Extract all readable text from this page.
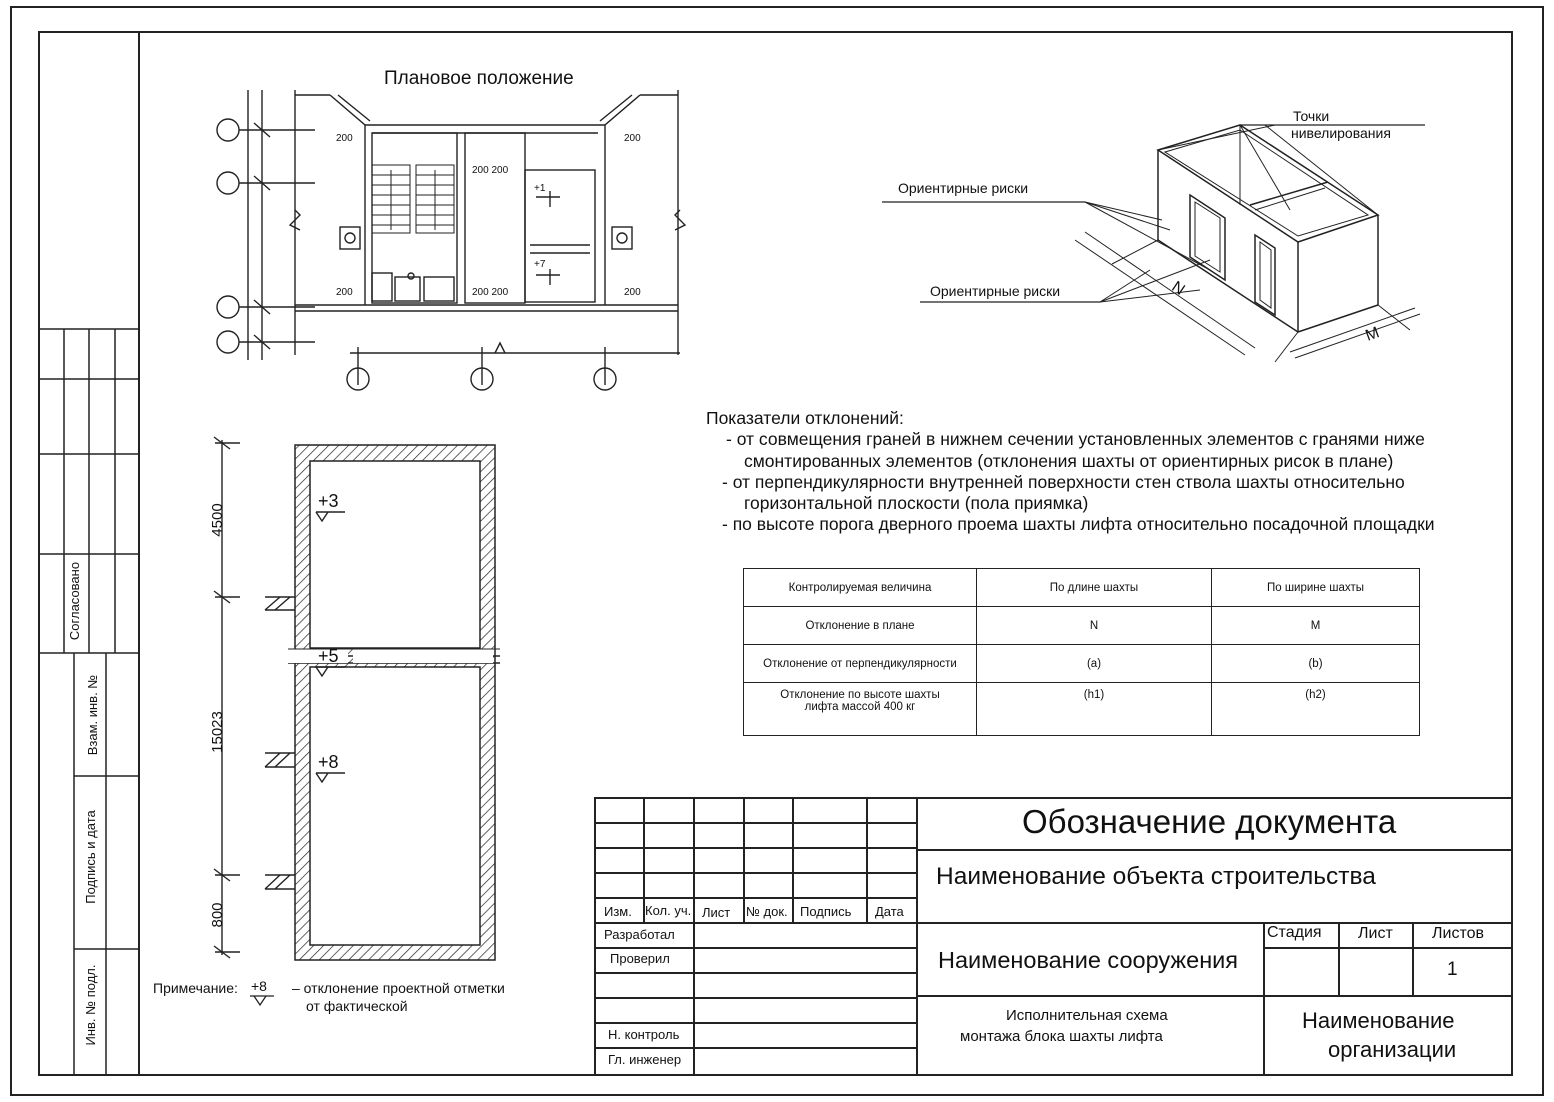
Согласовано
Взам. инв. №
Подпись и дата
Инв. № подл.
Плановое положение
200	200
200 200
200	200 200	200
+1
+7
4500
15023
800
+3
+5
+8
Примечание: +8 – отклонение проектной отметки
от фактической
Точки
нивелирования
Ориентирные риски
Ориентирные риски	N
M
Показатели отклонений:
- от совмещения граней в нижнем сечении установленных элементов с гранями ниже
смонтированных элементов (отклонения шахты от ориентирных рисок в плане)
- от перпендикулярности внутренней поверхности стен ствола шахты относительно
горизонтальной плоскости (пола приямка)
- по высоте порога дверного проема шахты лифта относительно посадочной площадки
Контролируемая величина	По длине шахты	По ширине шахты
Отклонение в плане	N	M
Отклонение от перпендикулярности	(a)	(b)
Отклонение по высоте шахты лифта массой 400 кг	(h1)	(h2)
Изм. Кол. уч. Лист № док. Подпись Дата
Разработал
Проверил
Н. контроль
Гл. инженер
Обозначение документа
Наименование объекта строительства
Наименование сооружения
Исполнительная схема
монтажа блока шахты лифта
Наименование
организации
Стадия Лист Листов
1
